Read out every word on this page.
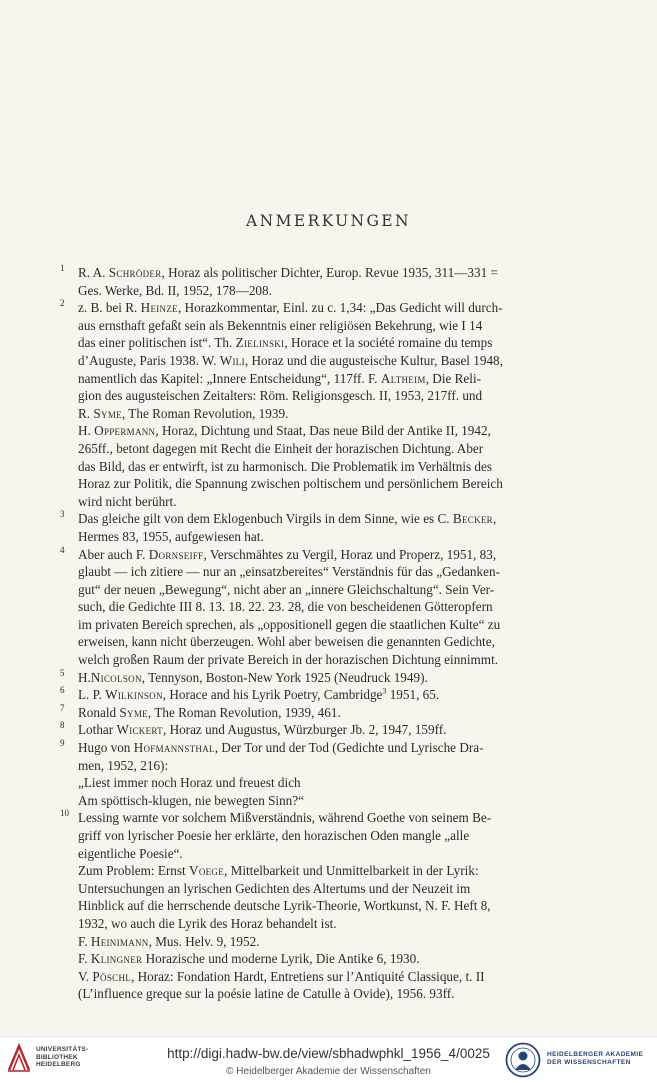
ANMERKUNGEN
1 R. A. Schröder, Horaz als politischer Dichter, Europ. Revue 1935, 311—331 =
Ges. Werke, Bd. II, 1952, 178—208.
2 z. B. bei R. Heinze, Horazkommentar, Einl. zu c. 1,34: „Das Gedicht will durch-
aus ernsthaft gefaßt sein als Bekenntnis einer religiösen Bekehrung, wie I 14
das einer politischen ist“. Th. Zielinski, Horace et la société romaine du temps
d’Auguste, Paris 1938. W. Wili, Horaz und die augusteische Kultur, Basel 1948,
namentlich das Kapitel: „Innere Entscheidung“, 117ff. F. Altheim, Die Reli-
gion des augusteischen Zeitalters: Röm. Religionsgesch. II, 1953, 217ff. und
R. Syme, The Roman Revolution, 1939.
H. Oppermann, Horaz, Dichtung und Staat, Das neue Bild der Antike II, 1942,
265ff., betont dagegen mit Recht die Einheit der horazischen Dichtung. Aber
das Bild, das er entwirft, ist zu harmonisch. Die Problematik im Verhältnis des
Horaz zur Politik, die Spannung zwischen poltischem und persönlichem Bereich
wird nicht berührt.
3 Das gleiche gilt von dem Eklogenbuch Virgils in dem Sinne, wie es C. Becker,
Hermes 83, 1955, aufgewiesen hat.
4 Aber auch F. Dornseiff, Verschmähtes zu Vergil, Horaz und Properz, 1951, 83,
glaubt — ich zitiere — nur an „einsatzbereites“ Verständnis für das „Gedanken-
gut“ der neuen „Bewegung“, nicht aber an „innere Gleichschaltung“. Sein Ver-
such, die Gedichte III 8. 13. 18. 22. 23. 28, die von bescheidenen Götteropfern
im privaten Bereich sprechen, als „oppositionell gegen die staatlichen Kulte“ zu
erweisen, kann nicht überzeugen. Wohl aber beweisen die genannten Gedichte,
welch großen Raum der private Bereich in der horazischen Dichtung einnimmt.
5 H.Nicolson, Tennyson, Boston-New York 1925 (Neudruck 1949).
6 L. P. Wilkinson, Horace and his Lyrik Poetry, Cambridge$^3$ 1951, 65.
7 Ronald Syme, The Roman Revolution, 1939, 461.
8 Lothar Wickert, Horaz und Augustus, Würzburger Jb. 2, 1947, 159ff.
9 Hugo von Hofmannsthal, Der Tor und der Tod (Gedichte und Lyrische Dra-
men, 1952, 216):
„Liest immer noch Horaz und freuest dich
Am spöttisch-klugen, nie bewegten Sinn?“
10 Lessing warnte vor solchem Mißverständnis, während Goethe von seinem Be-
griff von lyrischer Poesie her erklärte, den horazischen Oden mangle „alle
eigentliche Poesie“.
Zum Problem: Ernst Voege, Mittelbarkeit und Unmittelbarkeit in der Lyrik:
Untersuchungen an lyrischen Gedichten des Altertums und der Neuzeit im
Hinblick auf die herrschende deutsche Lyrik-Theorie, Wortkunst, N. F. Heft 8,
1932, wo auch die Lyrik des Horaz behandelt ist.
F. Heinimann, Mus. Helv. 9, 1952.
F. Klingner Horazische und moderne Lyrik, Die Antike 6, 1930.
V. Pöschl, Horaz: Fondation Hardt, Entretiens sur l’Antiquité Classique, t. II
(L’influence greque sur la poésie latine de Catulle à Ovide), 1956. 93ff.
UNIVERSITÄTS-
BIBLIOTHEK
HEIDELBERG
http://digi.hadw-bw.de/view/sbhadwphkl_1956_4/0025
© Heidelberger Akademie der Wissenschaften
HEIDELBERGER AKADEMIE
DER WISSENSCHAFTEN
